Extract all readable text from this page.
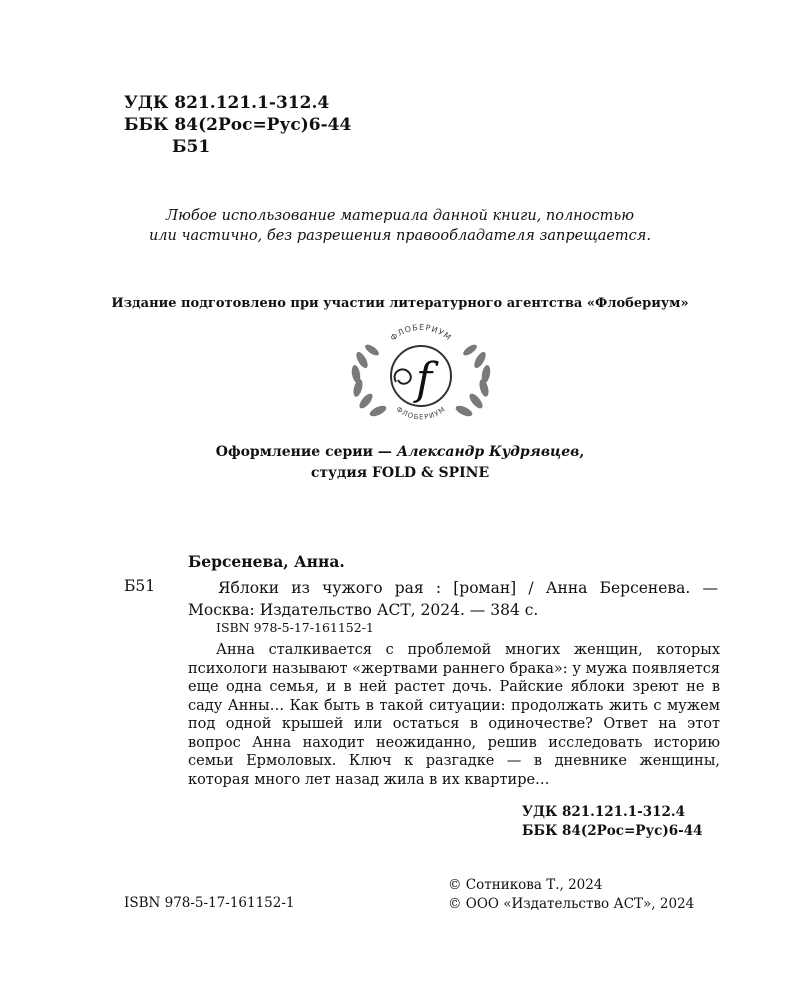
УДК 821.121.1-312.4
ББК 84(2Рос=Рус)6-44
Б51
Любое использование материала данной книги, полностью
или частично, без разрешения правообладателя запрещается.
Издание подготовлено при участии литературного агентства «Флобериум»
ФЛОБЕРИУМ
ФЛОБЕРИУМ
f
Оформление серии — Александр Кудрявцев,
студия FOLD & SPINE
Берсенева, Анна.
Б51	Яблоки из чужого рая : [роман] / Анна Берсенева. — Москва: Издательство АСТ, 2024. — 384 с.
ISBN 978-5-17-161152-1
Анна сталкивается с проблемой многих женщин, которых психологи называют «жертвами раннего брака»: у мужа появляется еще одна семья, и в ней растет дочь. Райские яблоки зреют не в саду Анны… Как быть в такой ситуации: продолжать жить с мужем под одной крышей или остаться в одиночестве? Ответ на этот вопрос Анна находит неожиданно, решив исследовать историю семьи Ермоловых. Ключ к разгадке — в дневнике женщины, которая много лет назад жила в их квартире…
УДК 821.121.1-312.4
ББК 84(2Рос=Рус)6-44
© Сотникова Т., 2024
© ООО «Издательство АСТ», 2024
ISBN 978-5-17-161152-1
